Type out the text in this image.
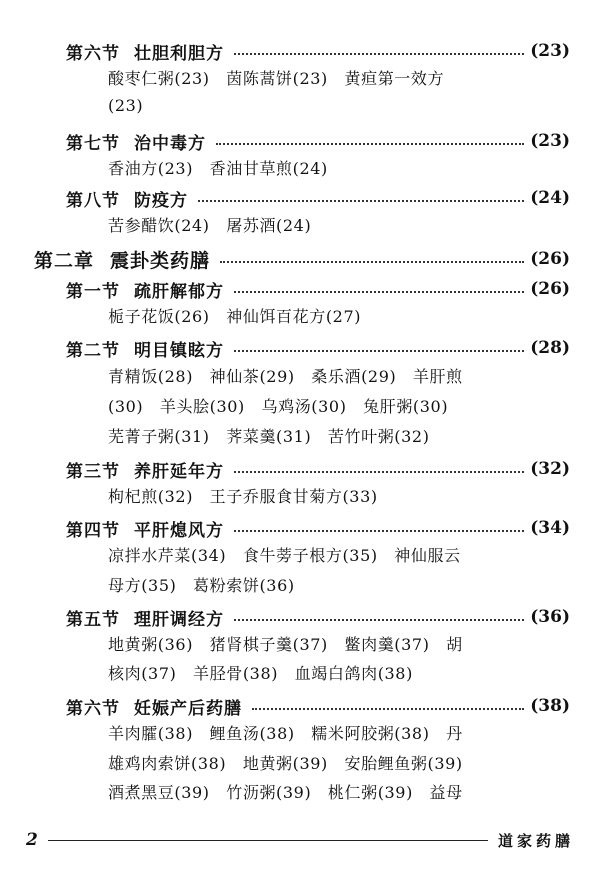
第六节 壮胆利胆方	(23)
酸枣仁粥(23)　茵陈蒿饼(23)　黄疸第一效方
(23)
第七节 治中毒方	(23)
香油方(23)　香油甘草煎(24)
第八节 防疫方	(24)
苦参醋饮(24)　屠苏酒(24)
第二章 震卦类药膳	(26)
第一节 疏肝解郁方	(26)
栀子花饭(26)　神仙饵百花方(27)
第二节 明目镇眩方	(28)
青精饭(28)　神仙茶(29)　桑乐酒(29)　羊肝煎
(30)　羊头脍(30)　乌鸡汤(30)　兔肝粥(30)
芜菁子粥(31)　荠菜羹(31)　苦竹叶粥(32)
第三节 养肝延年方	(32)
枸杞煎(32)　王子乔服食甘菊方(33)
第四节 平肝熄风方	(34)
凉拌水芹菜(34)　食牛蒡子根方(35)　神仙服云
母方(35)　葛粉索饼(36)
第五节 理肝调经方	(36)
地黄粥(36)　猪肾棋子羹(37)　鳖肉羹(37)　胡
核肉(37)　羊胫骨(38)　血竭白鸽肉(38)
第六节 妊娠产后药膳	(38)
羊肉臛(38)　鲤鱼汤(38)　糯米阿胶粥(38)　丹
雄鸡肉索饼(38)　地黄粥(39)　安胎鲤鱼粥(39)
酒煮黑豆(39)　竹沥粥(39)　桃仁粥(39)　益母
2	道家药膳
